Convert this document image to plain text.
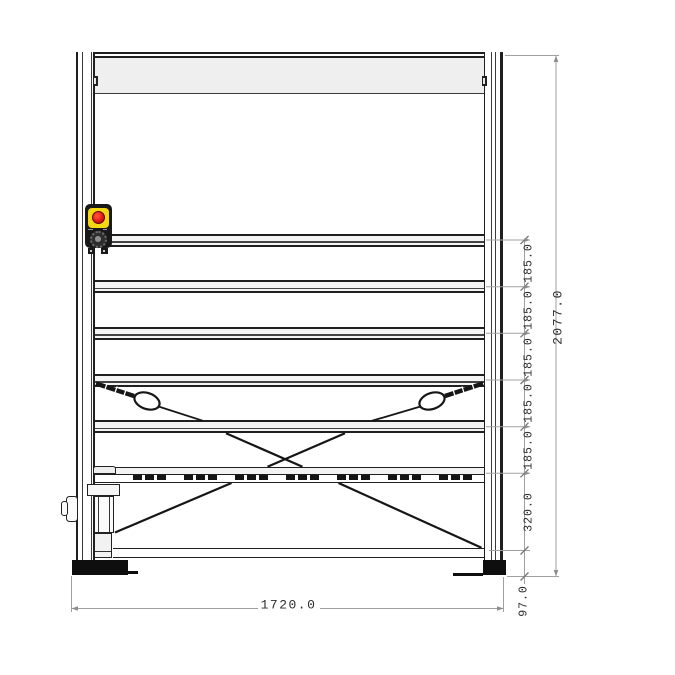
185.0
185.0
185.0
185.0
185.0
320.0
97.0
2077.0
1720.0
